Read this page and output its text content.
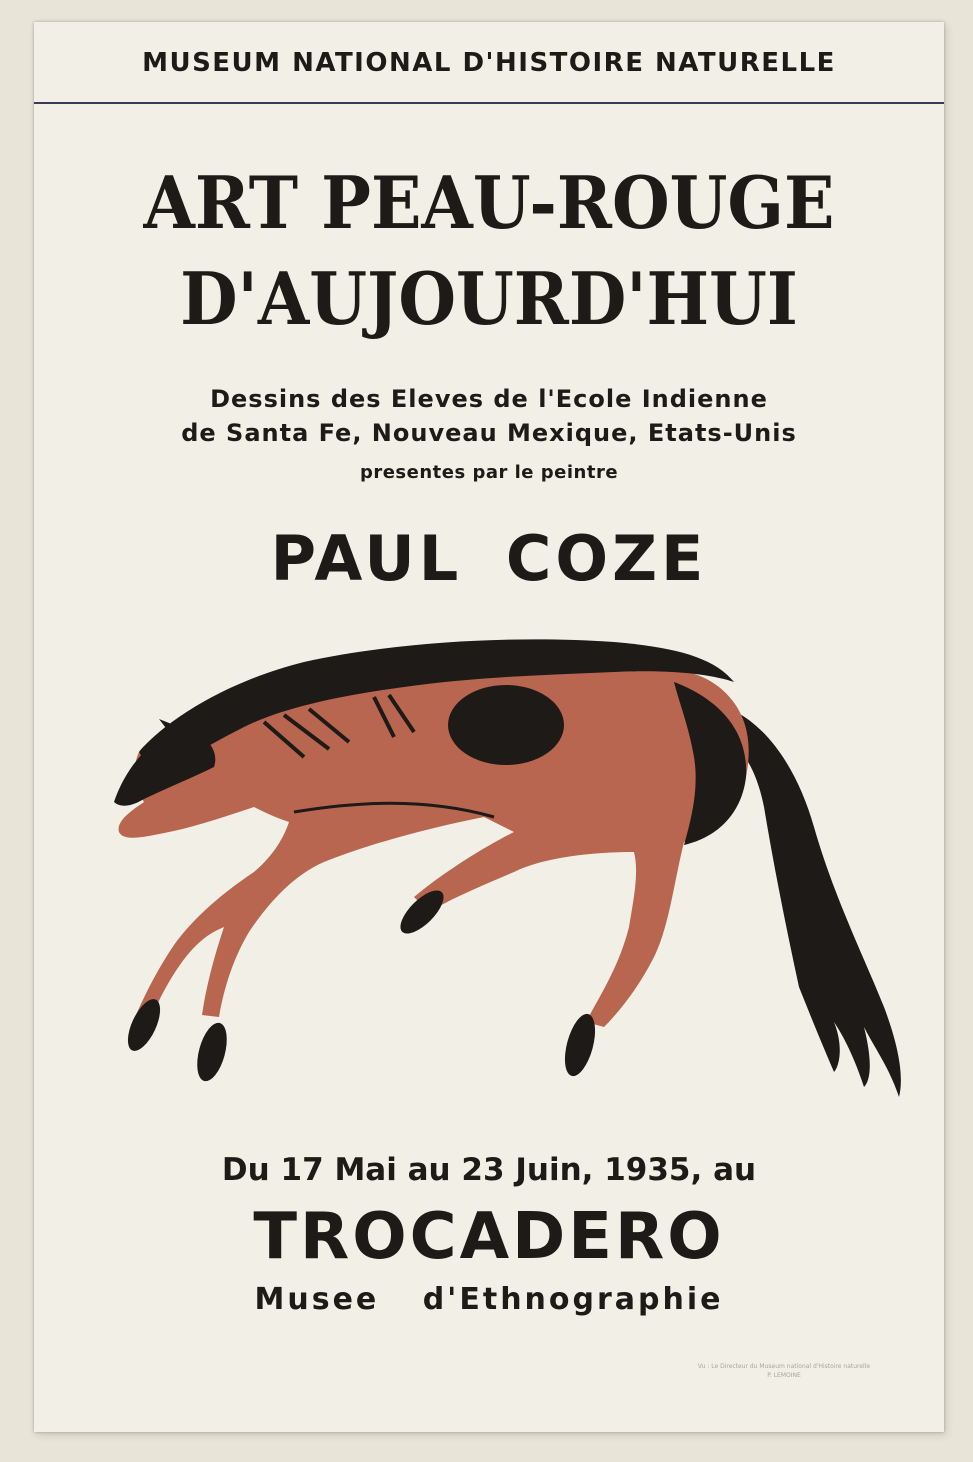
MUSEUM NATIONAL D'HISTOIRE NATURELLE
ART PEAU-ROUGE
D'AUJOURD'HUI
Dessins des Eleves de l'Ecole Indienne
de Santa Fe, Nouveau Mexique, Etats-Unis
presentes par le peintre
PAUL COZE
Du 17 Mai au 23 Juin, 1935, au
TROCADERO
Musee d'Ethnographie
Vu : Le Directeur du Museum national d'Histoire naturelle
P. LEMOINE
